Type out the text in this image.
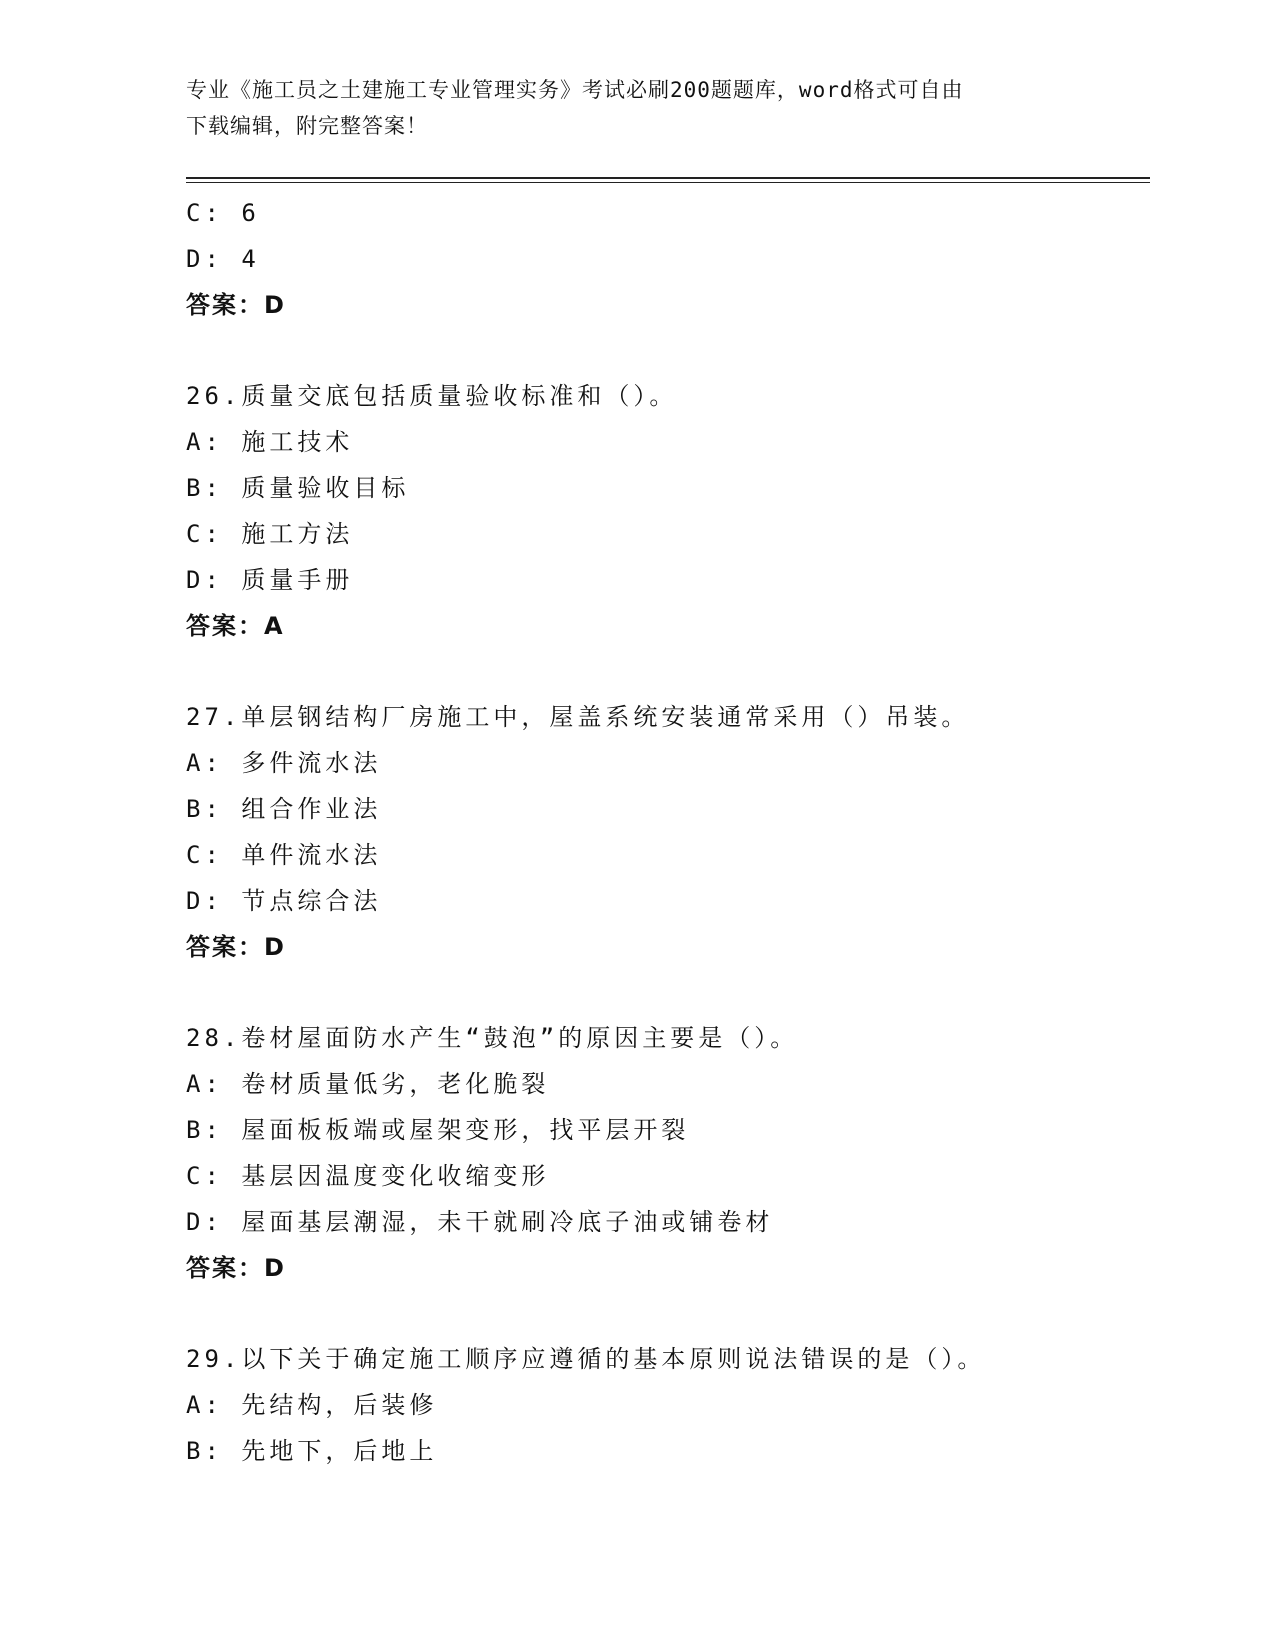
专业《施工员之土建施工专业管理实务》考试必刷200题题库，word格式可自由
下载编辑，附完整答案！
C: 6
D: 4
答案：D
26.质量交底包括质量验收标准和（）。
A: 施工技术
B: 质量验收目标
C: 施工方法
D: 质量手册
答案：A
27.单层钢结构厂房施工中，屋盖系统安装通常采用（）吊装。
A: 多件流水法
B: 组合作业法
C: 单件流水法
D: 节点综合法
答案：D
28.卷材屋面防水产生“鼓泡”的原因主要是（）。
A: 卷材质量低劣，老化脆裂
B: 屋面板板端或屋架变形，找平层开裂
C: 基层因温度变化收缩变形
D: 屋面基层潮湿，未干就刷冷底子油或铺卷材
答案：D
29.以下关于确定施工顺序应遵循的基本原则说法错误的是（）。
A: 先结构，后装修
B: 先地下，后地上
